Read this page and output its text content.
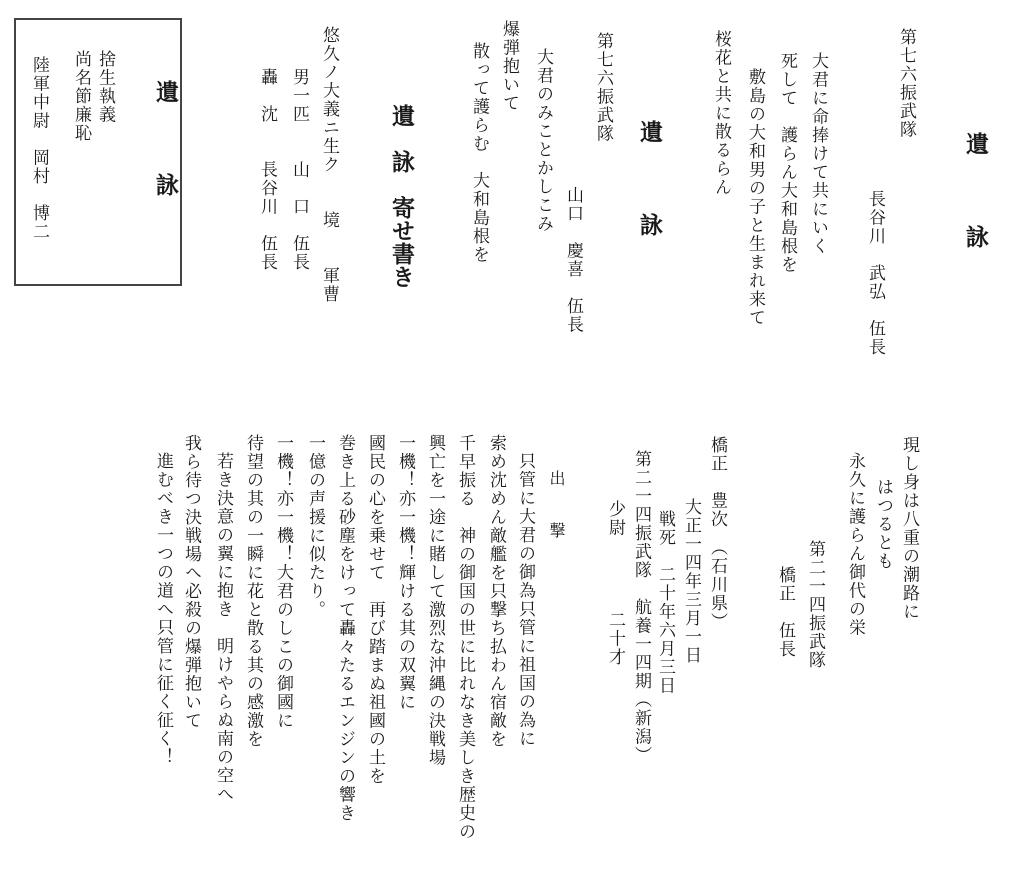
遺　　詠
第七六振武隊
長谷川　武弘　伍長
大君に命捧けて共にいく
死して　護らん大和島根を
敷島の大和男の子と生まれ来て
桜花と共に散るらん
遺　　詠
第七六振武隊
山口　慶喜　伍長
大君のみことかしこみ
爆弾抱いて
散って護らむ　大和島根を
遺　詠　寄せ書き
悠久ノ大義ニ生ク　　境　　軍曹
男一匹　　山　口　伍長
轟　沈　　長谷川　伍長
遺　　詠
捨生執義
尚名節廉恥
陸軍中尉　岡村　博二
現し身は八重の潮路に
はつるとも
永久に護らん御代の栄
第二一四振武隊
橋正　伍長
橋正　豊次　（石川県）
大正一四年三月一日
戦死　二十年六月三日
第二一四振武隊　航養一四期（新潟）
少尉　　　　二十才
出　撃
只管に大君の御為只管に祖国の為に
索め沈めん敵艦を只撃ち払わん宿敵を
千早振る　神の御国の世に比れなき美しき歴史の
興亡を一途に賭して激烈な沖縄の決戦場
一機！亦一機！輝ける其の双翼に
國民の心を乗せて　再び踏まぬ祖國の土を
巻き上る砂塵をけって轟々たるエンジンの響き
一億の声援に似たり。
一機！亦一機！大君のしこの御國に
待望の其の一瞬に花と散る其の感激を
若き決意の翼に抱き　明けやらぬ南の空へ
我ら待つ決戦場へ必殺の爆弾抱いて
進むべき一つの道へ只管に征く征く！
